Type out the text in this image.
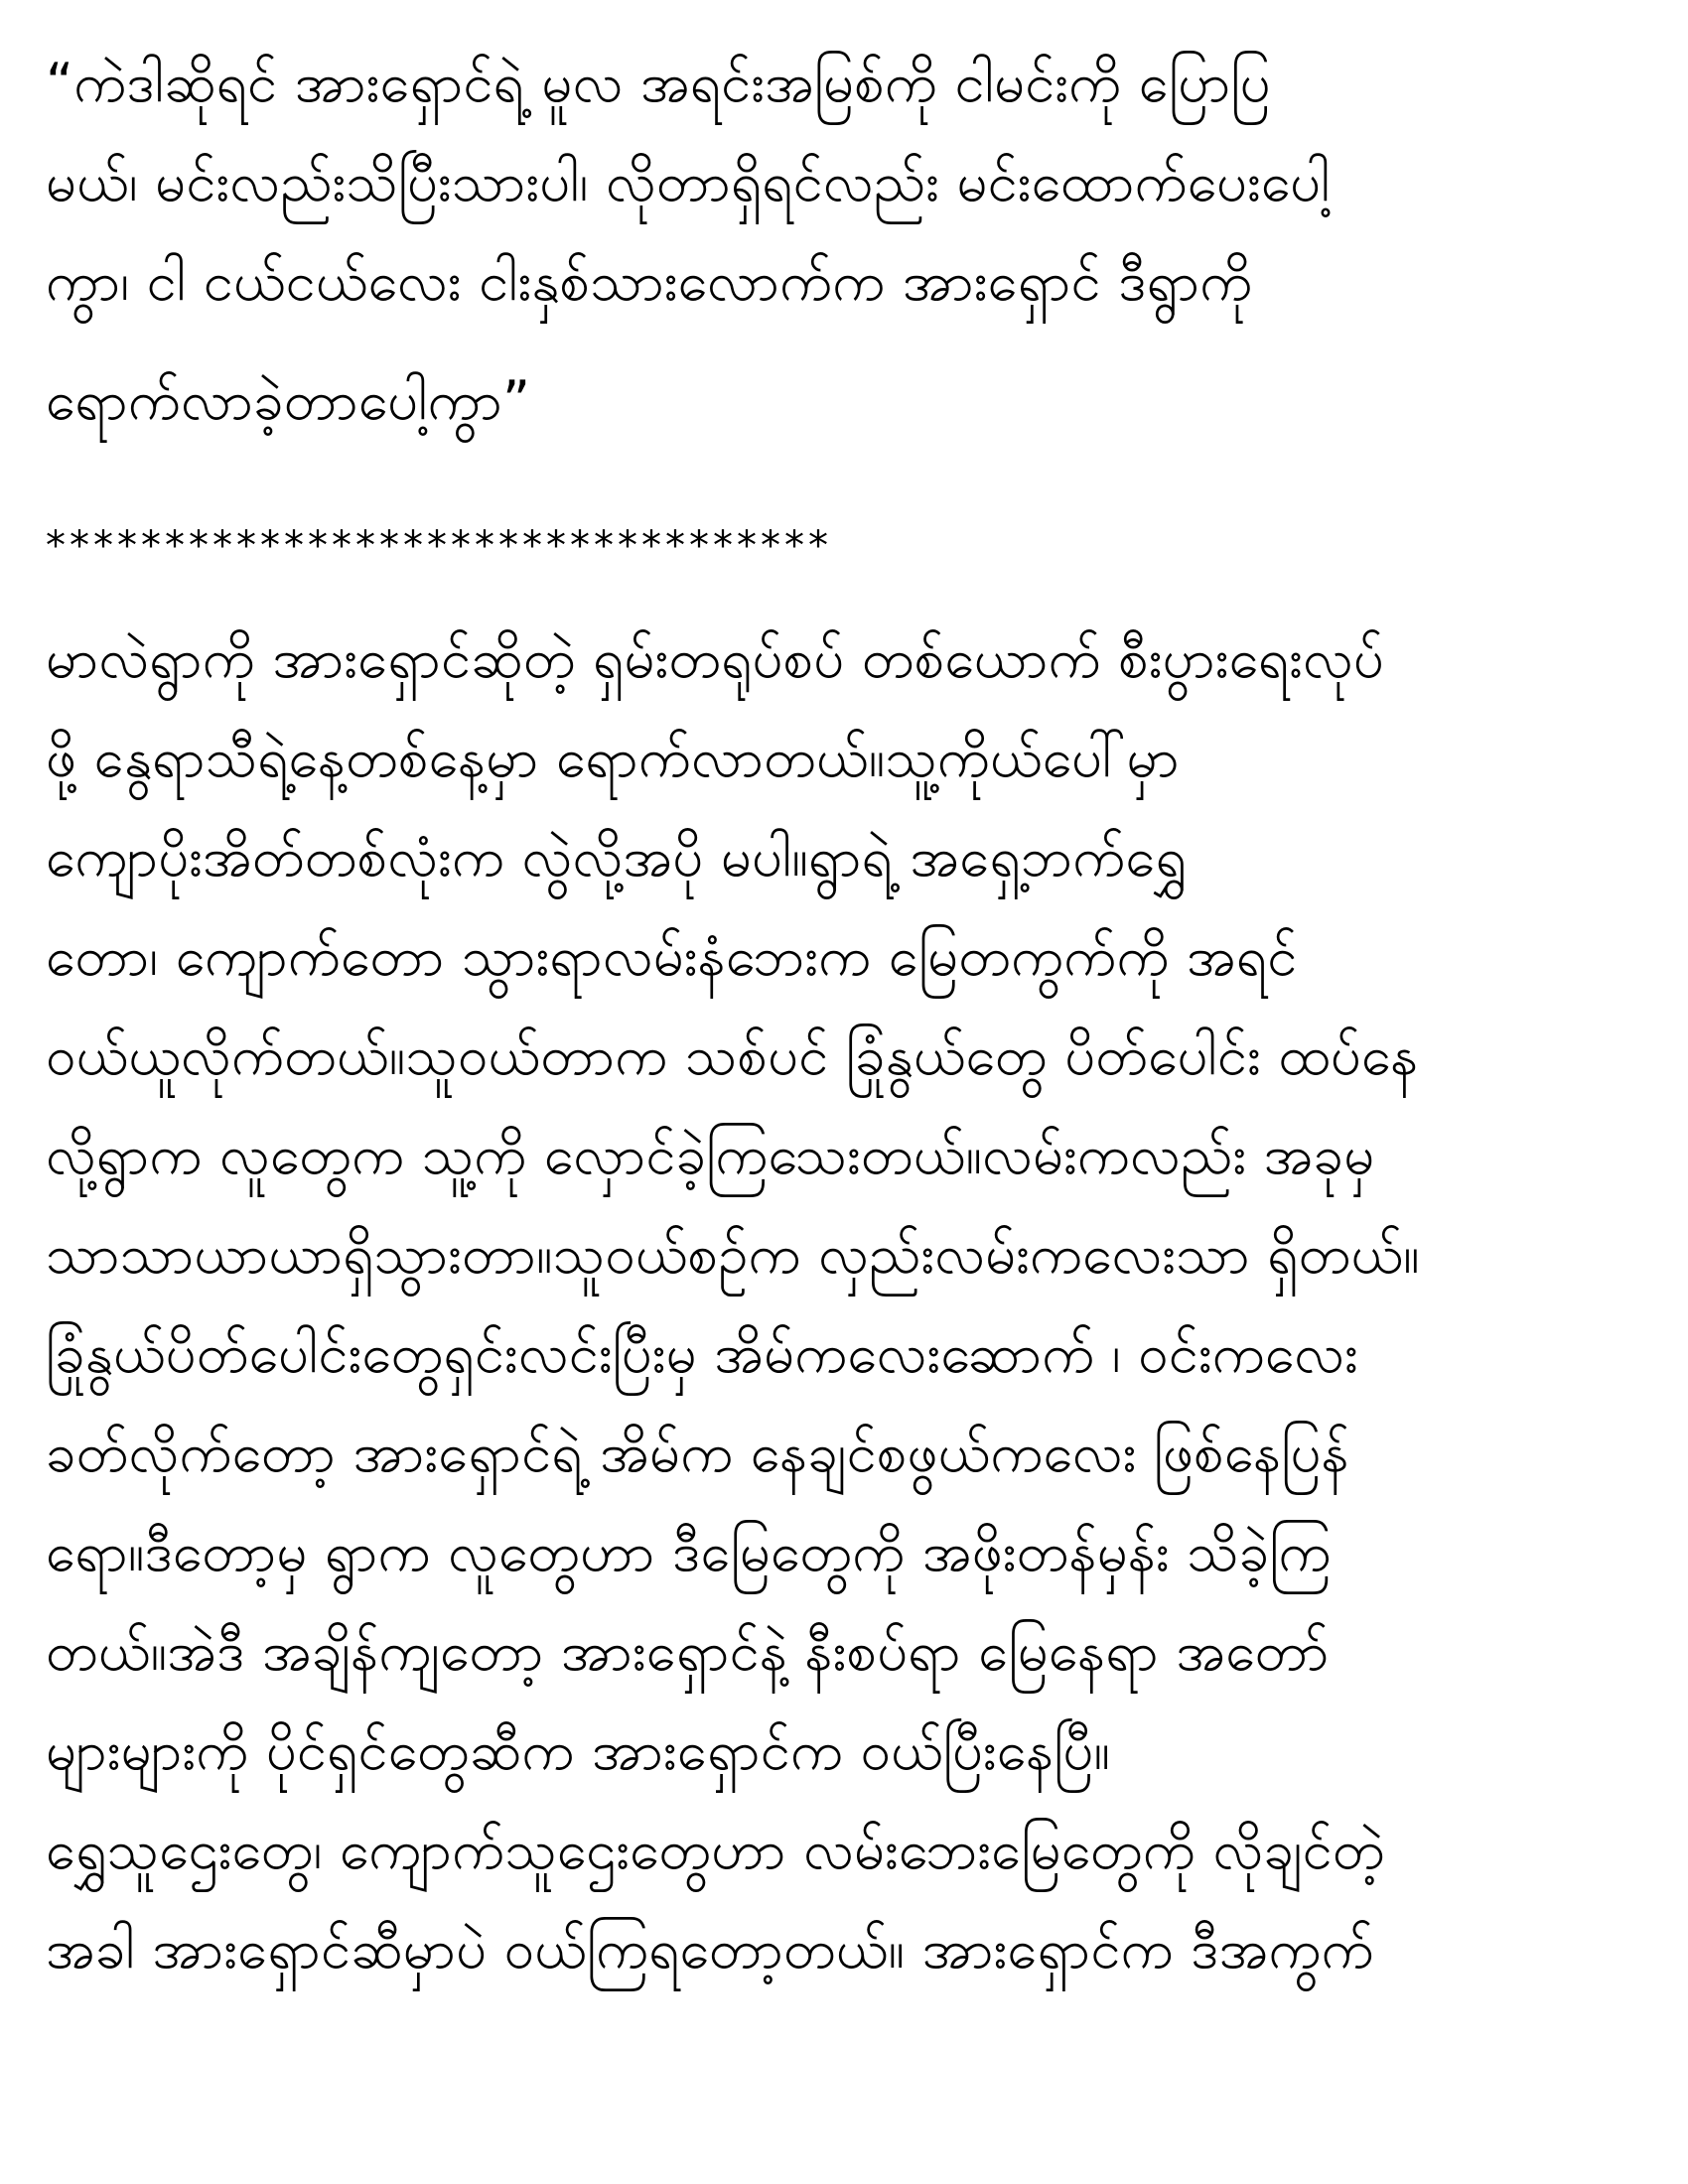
“ကဲဒါဆိုရင် အားရှောင်ရဲ့ မူလ အရင်းအမြစ်ကို ငါမင်းကို ပြောပြ
မယ်၊ မင်းလည်းသိပြီးသားပါ၊ လိုတာရှိရင်လည်း မင်းထောက်ပေးပေါ့
ကွာ၊ ငါ ငယ်ငယ်လေး ငါးနှစ်သားလောက်က အားရှောင် ဒီရွာကို
ရောက်လာခဲ့တာပေါ့ကွာ”
*********************************
မာလဲရွာကို အားရှောင်ဆိုတဲ့ ရှမ်းတရုပ်စပ် တစ်ယောက် စီးပွားရေးလုပ်
ဖို့ နွေရာသီရဲ့နေ့တစ်နေ့မှာ ရောက်လာတယ်။သူ့ကိုယ်ပေါ်မှာ
ကျောပိုးအိတ်တစ်လုံးက လွဲလို့အပို မပါ။ရွာရဲ့ အရှေ့ဘက်ရွှေ
တော၊ ကျောက်တော သွားရာလမ်းနံဘေးက မြေတကွက်ကို အရင်
ဝယ်ယူလိုက်တယ်။သူဝယ်တာက သစ်ပင် ခြုံနွယ်တွေ ပိတ်ပေါင်း ထပ်နေ
လို့ရွာက လူတွေက သူ့ကို လှောင်ခဲ့ကြသေးတယ်။လမ်းကလည်း အခုမှ
သာသာယာယာရှိသွားတာ။သူဝယ်စဉ်က လှည်းလမ်းကလေးသာ ရှိတယ်။
ခြုံနွယ်ပိတ်ပေါင်းတွေရှင်းလင်းပြီးမှ အိမ်ကလေးဆောက် ၊ ဝင်းကလေး
ခတ်လိုက်တော့ အားရှောင်ရဲ့ အိမ်က နေချင်စဖွယ်ကလေး ဖြစ်နေပြန်
ရော။ဒီတော့မှ ရွာက လူတွေဟာ ဒီမြေတွေကို အဖိုးတန်မှန်း သိခဲ့ကြ
တယ်။အဲဒီ အချိန်ကျတော့ အားရှောင်နဲ့ နီးစပ်ရာ မြေနေရာ အတော်
များများကို ပိုင်ရှင်တွေဆီက အားရှောင်က ဝယ်ပြီးနေပြီ။
ရွှေသူဌေးတွေ၊ ကျောက်သူဌေးတွေဟာ လမ်းဘေးမြေတွေကို လိုချင်တဲ့
အခါ အားရှောင်ဆီမှာပဲ ဝယ်ကြရတော့တယ်။ အားရှောင်က ဒီအကွက်
